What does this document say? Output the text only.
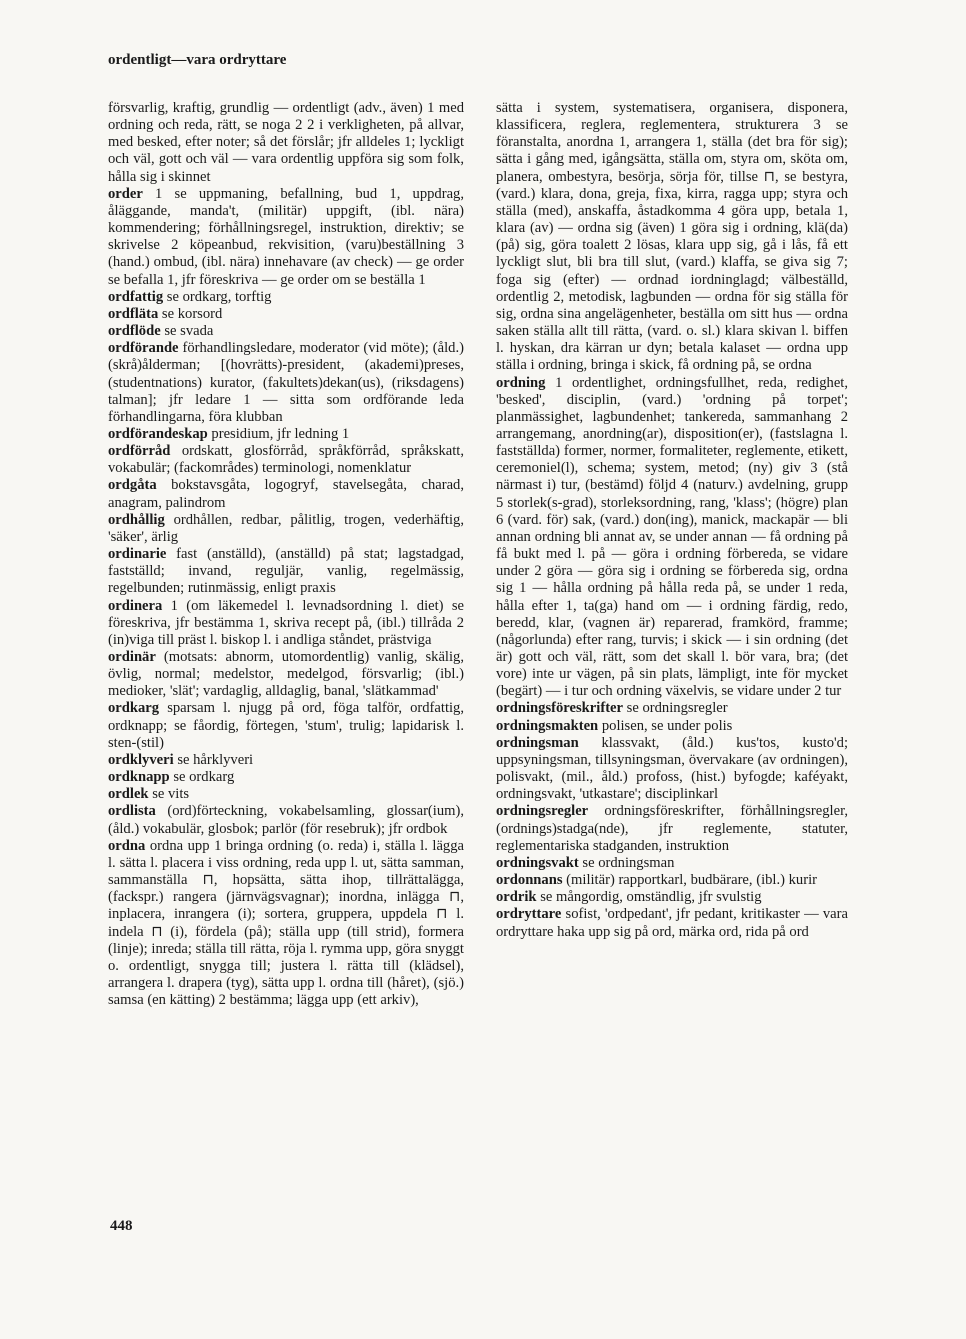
ordentligt—vara ordryttare

försvarlig, kraftig, grundlig — ordentligt (adv., även) 1 med ordning och reda, rätt, se noga 2 2 i verkligheten, på allvar, med besked, efter noter; så det förslår; jfr alldeles 1; lyckligt och väl, gott och väl — vara ordentlig uppföra sig som folk, hålla sig i skinnet

order 1 se uppmaning, befallning, bud 1, uppdrag, åläggande, manda't, (militär) uppgift, (ibl. nära) kommendering; förhållningsregel, instruktion, direktiv; se skrivelse 2 köpeanbud, rekvisition, (varu)beställning 3 (hand.) ombud, (ibl. nära) innehavare (av check) — ge order se befalla 1, jfr föreskriva — ge order om se beställa 1

ordfattig se ordkarg, torftig

ordfläta se korsord

ordflöde se svada

ordförande förhandlingsledare, moderator (vid möte); (åld.) (skrå)ålderman; [(hovrätts)-president, (akademi)preses, (studentnations) kurator, (fakultets)dekan(us), (riksdagens) talman]; jfr ledare 1 — sitta som ordförande leda förhandlingarna, föra klubban

ordförandeskap presidium, jfr ledning 1

ordförråd ordskatt, glosförråd, språkförråd, språkskatt, vokabulär; (fackområdes) terminologi, nomenklatur

ordgåta bokstavsgåta, logogryf, stavelsegåta, charad, anagram, palindrom

ordhållig ordhållen, redbar, pålitlig, trogen, vederhäftig, 'säker', ärlig

ordinarie fast (anställd), (anställd) på stat; lagstadgad, fastställd; invand, reguljär, vanlig, regelmässig, regelbunden; rutinmässig, enligt praxis

ordinera 1 (om läkemedel l. levnadsordning l. diet) se föreskriva, jfr bestämma 1, skriva recept på, (ibl.) tillråda 2 (in)viga till präst l. biskop l. i andliga ståndet, prästviga

ordinär (motsats: abnorm, utomordentlig) vanlig, skälig, övlig, normal; medelstor, medelgod, försvarlig; (ibl.) medioker, 'slät'; vardaglig, alldaglig, banal, 'slätkammad'

ordkarg sparsam l. njugg på ord, föga talför, ordfattig, ordknapp; se fåordig, förtegen, 'stum', trulig; lapidarisk l. sten-(stil)

ordklyveri se hårklyveri

ordknapp se ordkarg

ordlek se vits

ordlista (ord)förteckning, vokabelsamling, glossar(ium), (åld.) vokabulär, glosbok; parlör (för resebruk); jfr ordbok

ordna ordna upp 1 bringa ordning (o. reda) i, ställa l. lägga l. sätta l. placera i viss ordning, reda upp l. ut, sätta samman, sammanställa ⊓, hopsätta, sätta ihop, tillrättalägga, (fackspr.) rangera (järnvägsvagnar); inordna, inlägga ⊓, inplacera, inrangera (i); sortera, gruppera, uppdela ⊓ l. indela ⊓ (i), fördela (på); ställa upp (till strid), formera (linje); inreda; ställa till rätta, röja l. rymma upp, göra snyggt o. ordentligt, snygga till; justera l. rätta till (klädsel), arrangera l. drapera (tyg), sätta upp l. ordna till (håret), (sjö.) samsa (en kätting) 2 bestämma; lägga upp (ett arkiv),

sätta i system, systematisera, organisera, disponera, klassificera, reglera, reglementera, strukturera 3 se föranstalta, anordna 1, arrangera 1, ställa (det bra för sig); sätta i gång med, igångsätta, ställa om, styra om, sköta om, planera, ombestyra, besörja, sörja för, tillse ⊓, se bestyra, (vard.) klara, dona, greja, fixa, kirra, ragga upp; styra och ställa (med), anskaffa, åstadkomma 4 göra upp, betala 1, klara (av) — ordna sig (även) 1 göra sig i ordning, klä(da) (på) sig, göra toalett 2 lösas, klara upp sig, gå i lås, få ett lyckligt slut, bli bra till slut, (vard.) klaffa, se giva sig 7; foga sig (efter) — ordnad iordninglagd; välbeställd, ordentlig 2, metodisk, lagbunden — ordna för sig ställa för sig, ordna sina angelägenheter, beställa om sitt hus — ordna saken ställa allt till rätta, (vard. o. sl.) klara skivan l. biffen l. hyskan, dra kärran ur dyn; betala kalaset — ordna upp ställa i ordning, bringa i skick, få ordning på, se ordna

ordning 1 ordentlighet, ordningsfullhet, reda, redighet, 'besked', disciplin, (vard.) 'ordning på torpet'; planmässighet, lagbundenhet; tankereda, sammanhang 2 arrangemang, anordning(ar), disposition(er), (fastslagna l. fastställda) former, normer, formaliteter, reglemente, etikett, ceremoniel(l), schema; system, metod; (ny) giv 3 (stå närmast i) tur, (bestämd) följd 4 (naturv.) avdelning, grupp 5 storlek(s-grad), storleksordning, rang, 'klass'; (högre) plan 6 (vard. för) sak, (vard.) don(ing), manick, mackapär — bli annan ordning bli annat av, se under annan — få ordning på få bukt med l. på — göra i ordning förbereda, se vidare under 2 göra — göra sig i ordning se förbereda sig, ordna sig 1 — hålla ordning på hålla reda på, se under 1 reda, hålla efter 1, ta(ga) hand om — i ordning färdig, redo, beredd, klar, (vagnen är) reparerad, framkörd, framme; (någorlunda) efter rang, turvis; i skick — i sin ordning (det är) gott och väl, rätt, som det skall l. bör vara, bra; (det vore) inte ur vägen, på sin plats, lämpligt, inte för mycket (begärt) — i tur och ordning växelvis, se vidare under 2 tur

ordningsföreskrifter se ordningsregler

ordningsmakten polisen, se under polis

ordningsman klassvakt, (åld.) kus'tos, kusto'd; uppsyningsman, tillsyningsman, övervakare (av ordningen), polisvakt, (mil., åld.) profoss, (hist.) byfogde; kaféyakt, ordningsvakt, 'utkastare'; disciplinkarl

ordningsregler ordningsföreskrifter, förhållningsregler, (ordnings)stadga(nde), jfr reglemente, statuter, reglementariska stadganden, instruktion

ordningsvakt se ordningsman

ordonnans (militär) rapportkarl, budbärare, (ibl.) kurir

ordrik se mångordig, omständlig, jfr svulstig

ordryttare sofist, 'ordpedant', jfr pedant, kritikaster — vara ordryttare haka upp sig på ord, märka ord, rida på ord

448
